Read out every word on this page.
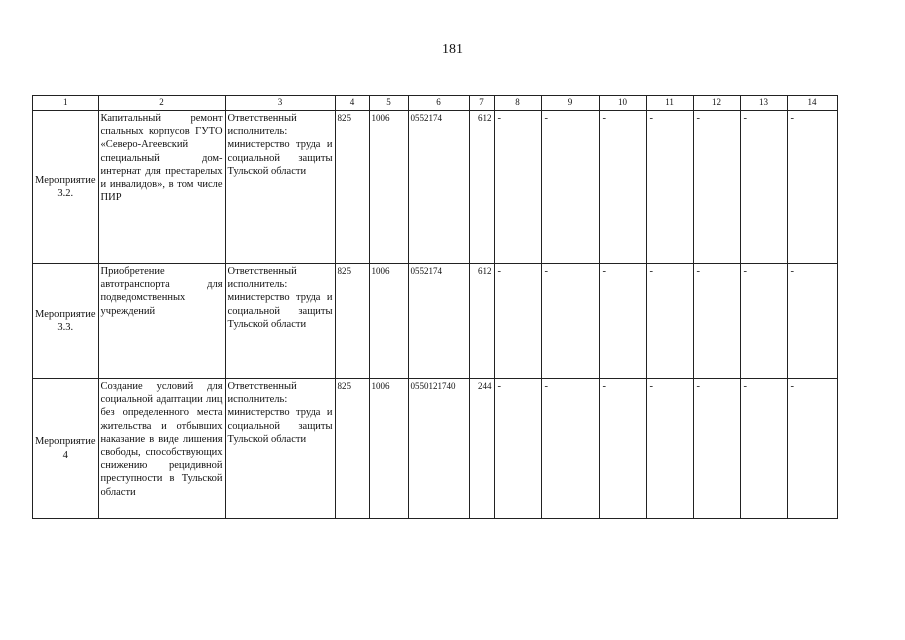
181
1	2	3	4	5	6	7	8	9	10	11	12	13	14
Мероприятие 3.2.	Капитальный ремонт спальных корпусов ГУТО «Северо-Агеевский специальный дом-интернат для престарелых и инвалидов», в том числе ПИР	Ответственный исполнитель: министерство труда и социальной защиты Тульской области	825	1006	0552174	612	-	-	-	-	-	-	-
Мероприятие 3.3.	Приобретение автотранспорта для подведомственных учреждений	Ответственный исполнитель: министерство труда и социальной защиты Тульской области	825	1006	0552174	612	-	-	-	-	-	-	-
Мероприятие 4	Создание условий для социальной адаптации лиц без определенного места жительства и отбывших наказание в виде лишения свободы, способствующих снижению рецидивной преступности в Тульской области	Ответственный исполнитель: министерство труда и социальной защиты Тульской области	825	1006	0550121740	244	-	-	-	-	-	-	-
